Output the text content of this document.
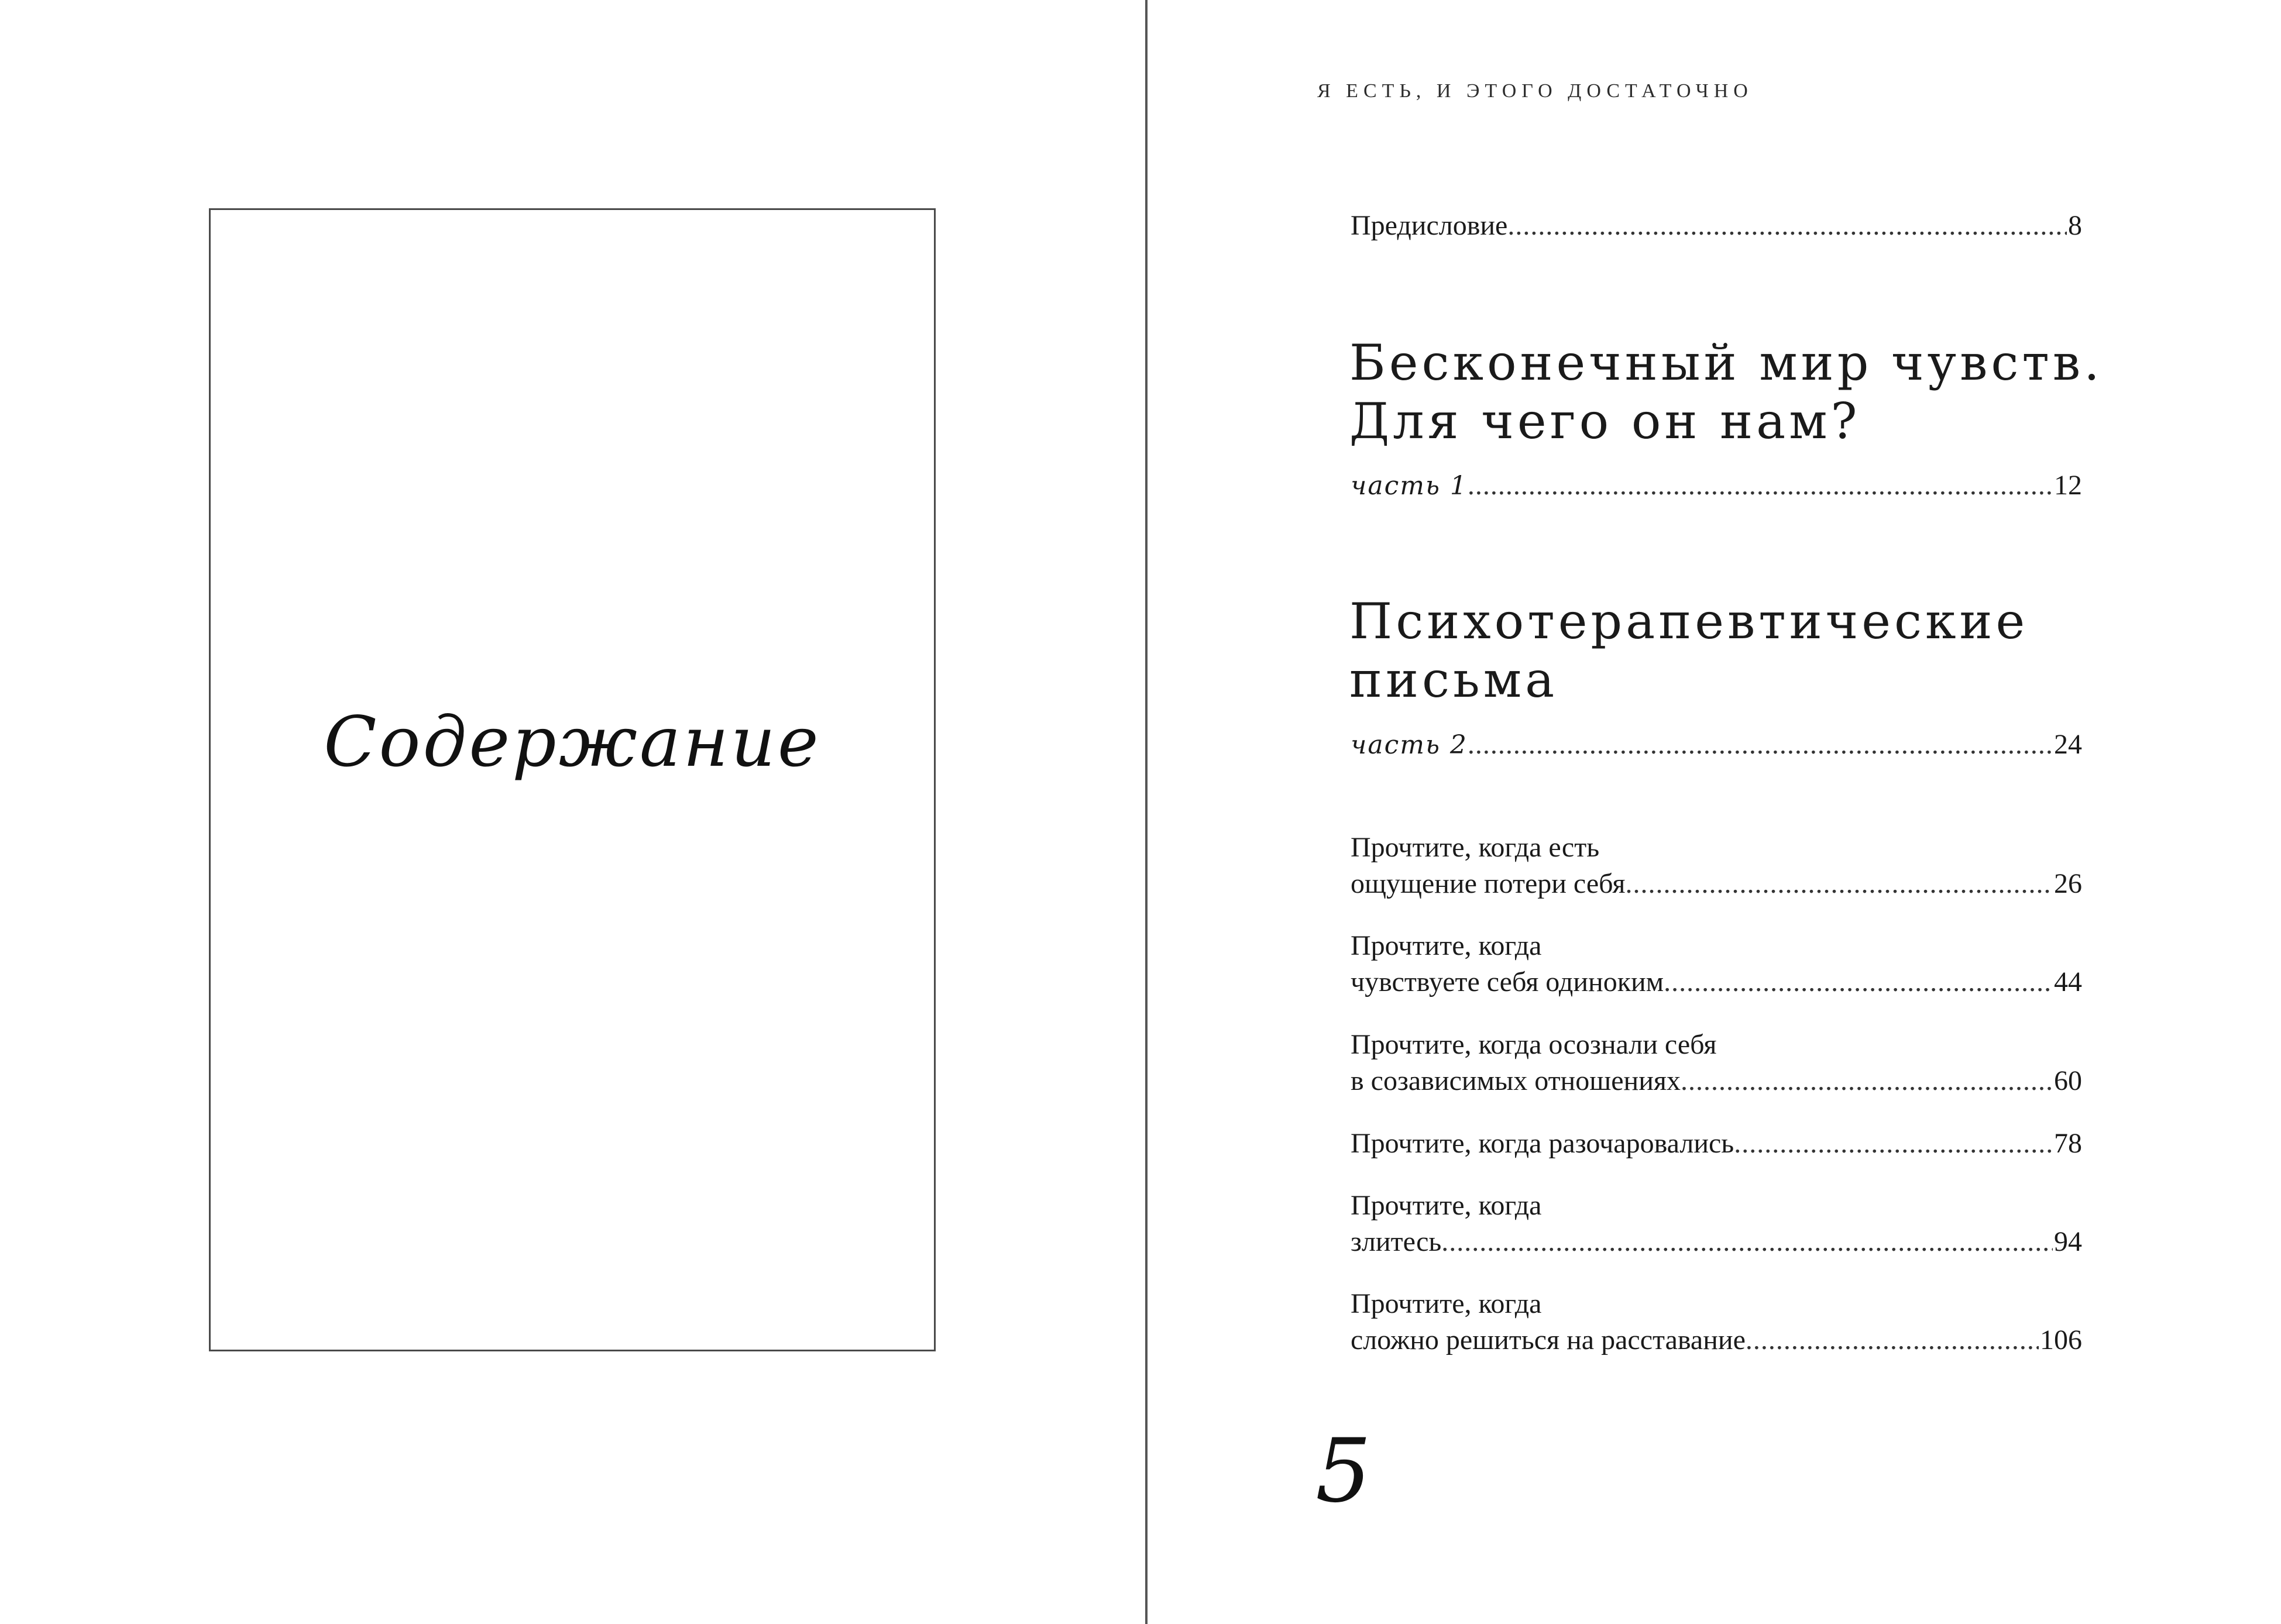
Содержание
Я ЕСТЬ, И ЭТОГО ДОСТАТОЧНО
Предисловие .....	8
Бесконечный мир чувств.
Для чего он нам?
часть 1 .....	12
Психотерапевтические
письма
часть 2 .....	24
Прочтите, когда есть
ощущение потери себя .....	26
Прочтите, когда
чувствуете себя одиноким .....	44
Прочтите, когда осознали себя
в созависимых отношениях .....	60
Прочтите, когда разочаровались .....	78
Прочтите, когда
злитесь .....	94
Прочтите, когда
сложно решиться на расставание .....	106
5
